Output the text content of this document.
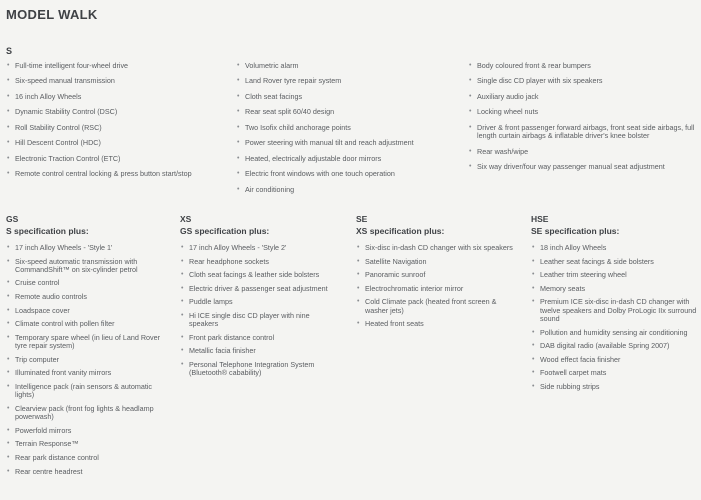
MODEL WALK
S
• Full-time intelligent four-wheel drive
• Six-speed manual transmission
• 16 inch Alloy Wheels
• Dynamic Stability Control (DSC)
• Roll Stability Control (RSC)
• Hill Descent Control (HDC)
• Electronic Traction Control (ETC)
• Remote control central locking & press button start/stop
• Volumetric alarm
• Land Rover tyre repair system
• Cloth seat facings
• Rear seat split 60/40 design
• Two Isofix child anchorage points
• Power steering with manual tilt and reach adjustment
• Heated, electrically adjustable door mirrors
• Electric front windows with one touch operation
• Air conditioning
• Body coloured front & rear bumpers
• Single disc CD player with six speakers
• Auxiliary audio jack
• Locking wheel nuts
• Driver & front passenger forward airbags, front seat side airbags, full length curtain airbags & inflatable driver's knee bolster
• Rear wash/wipe
• Six way driver/four way passenger manual seat adjustment
GS
S specification plus:
• 17 inch Alloy Wheels - 'Style 1'
• Six-speed automatic transmission with CommandShift™ on six-cylinder petrol
• Cruise control
• Remote audio controls
• Loadspace cover
• Climate control with pollen filter
• Temporary spare wheel (in lieu of Land Rover tyre repair system)
• Trip computer
• Illuminated front vanity mirrors
• Intelligence pack (rain sensors & automatic lights)
• Clearview pack (front fog lights & headlamp powerwash)
• Powerfold mirrors
• Terrain Response™
• Rear park distance control
• Rear centre headrest
XS
GS specification plus:
• 17 inch Alloy Wheels - 'Style 2'
• Rear headphone sockets
• Cloth seat facings & leather side bolsters
• Electric driver & passenger seat adjustment
• Puddle lamps
• Hi ICE single disc CD player with nine speakers
• Front park distance control
• Metallic facia finisher
• Personal Telephone Integration System (Bluetooth® cabability)
SE
XS specification plus:
• Six-disc in-dash CD changer with six speakers
• Satellite Navigation
• Panoramic sunroof
• Electrochromatic interior mirror
• Cold Climate pack (heated front screen & washer jets)
• Heated front seats
HSE
SE specification plus:
• 18 inch Alloy Wheels
• Leather seat facings & side bolsters
• Leather trim steering wheel
• Memory seats
• Premium ICE six-disc in-dash CD changer with twelve speakers and Dolby ProLogic IIx surround sound
• Pollution and humidity sensing air conditioning
• DAB digital radio (available Spring 2007)
• Wood effect facia finisher
• Footwell carpet mats
• Side rubbing strips
